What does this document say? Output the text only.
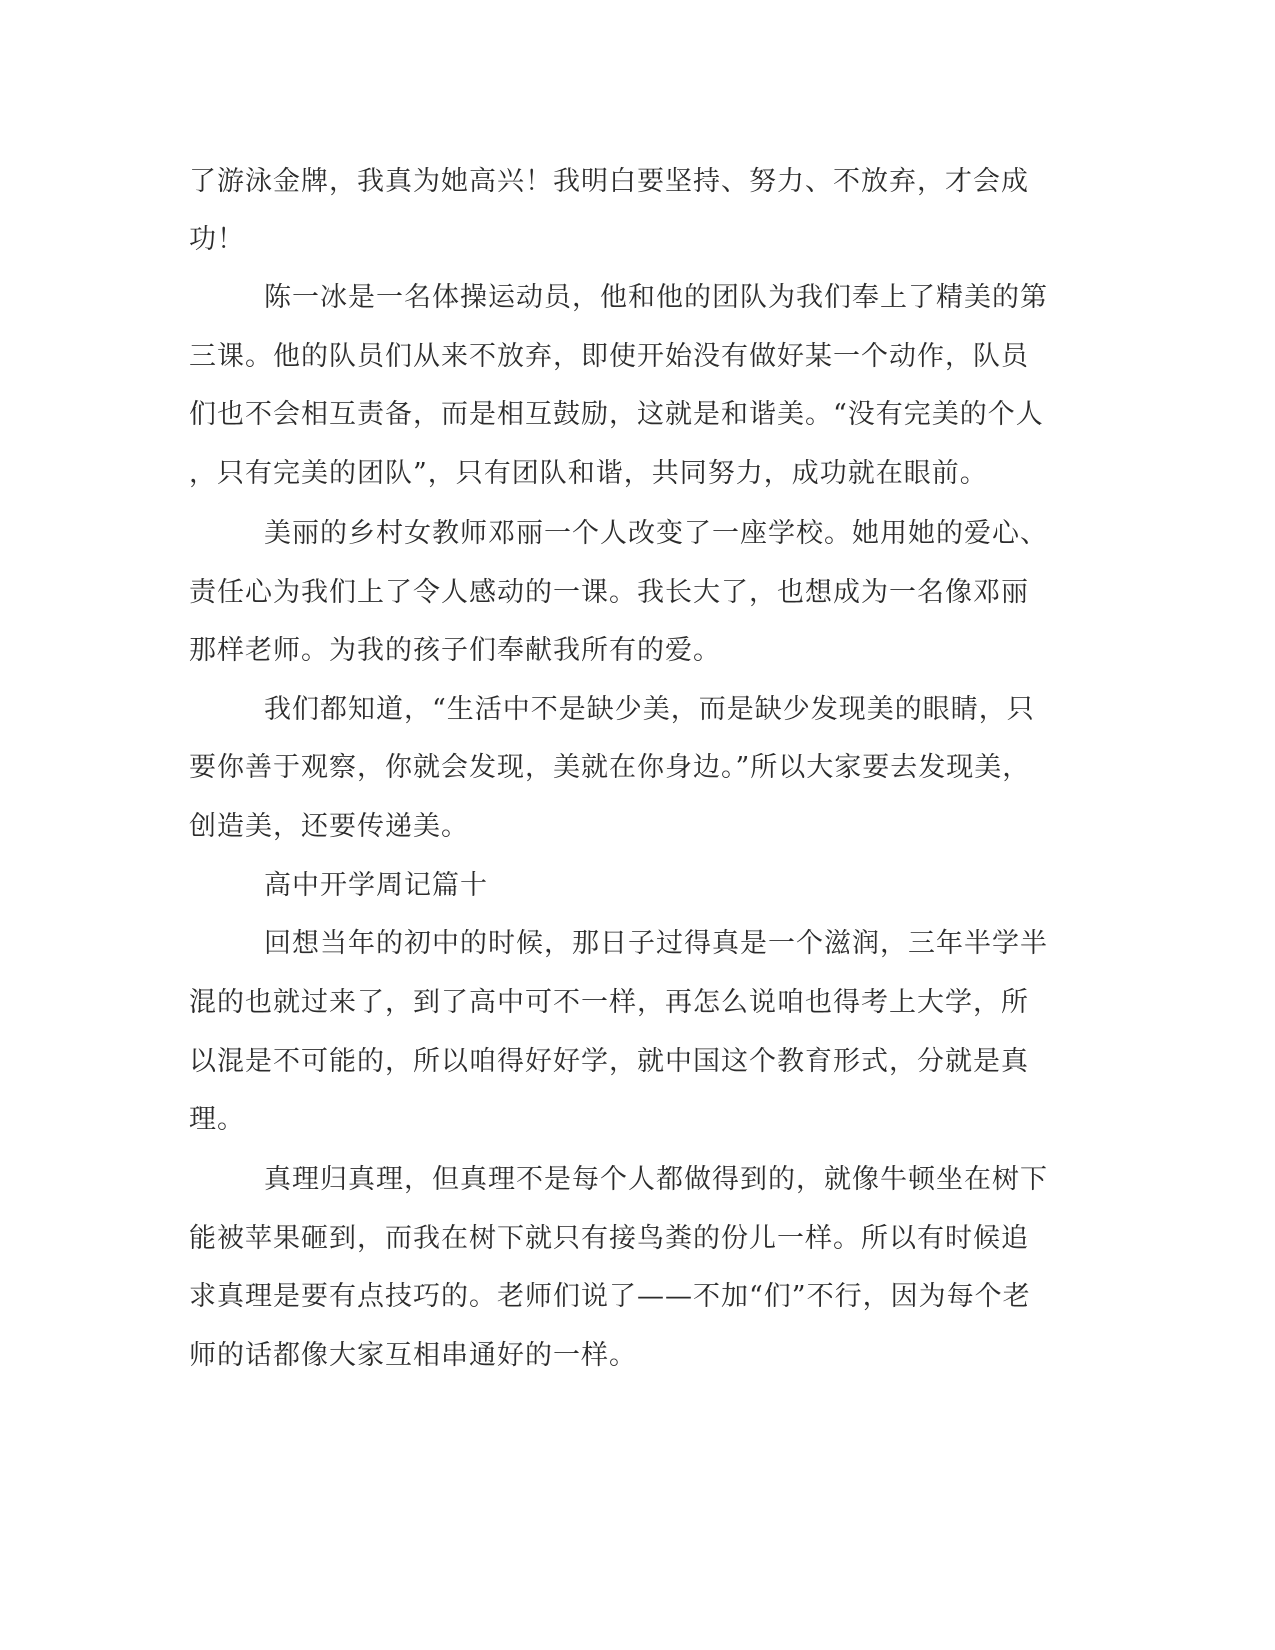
了游泳金牌，我真为她高兴！我明白要坚持、努力、不放弃，才会成
功！
陈一冰是一名体操运动员，他和他的团队为我们奉上了精美的第
三课。他的队员们从来不放弃，即使开始没有做好某一个动作，队员
们也不会相互责备，而是相互鼓励，这就是和谐美。“没有完美的个人
，只有完美的团队”，只有团队和谐，共同努力，成功就在眼前。
美丽的乡村女教师邓丽一个人改变了一座学校。她用她的爱心、
责任心为我们上了令人感动的一课。我长大了，也想成为一名像邓丽
那样老师。为我的孩子们奉献我所有的爱。
我们都知道，“生活中不是缺少美，而是缺少发现美的眼睛，只
要你善于观察，你就会发现，美就在你身边。”所以大家要去发现美，
创造美，还要传递美。
高中开学周记篇十
回想当年的初中的时候，那日子过得真是一个滋润，三年半学半
混的也就过来了，到了高中可不一样，再怎么说咱也得考上大学，所
以混是不可能的，所以咱得好好学，就中国这个教育形式，分就是真
理。
真理归真理，但真理不是每个人都做得到的，就像牛顿坐在树下
能被苹果砸到，而我在树下就只有接鸟粪的份儿一样。所以有时候追
求真理是要有点技巧的。老师们说了——不加“们”不行，因为每个老
师的话都像大家互相串通好的一样。
